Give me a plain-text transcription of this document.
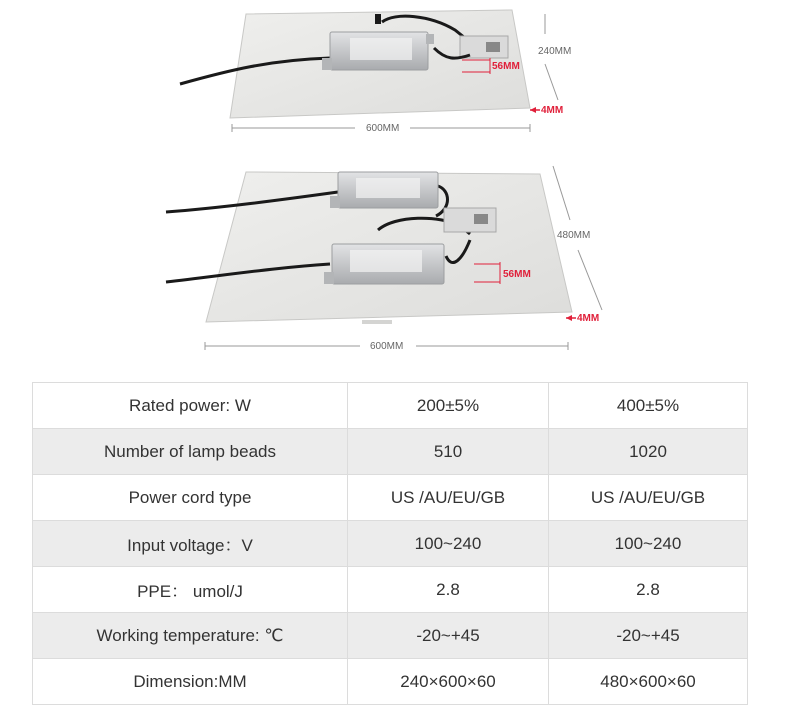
56MM
4MM
240MM
600MM
56MM
4MM
480MM
600MM
Rated power: W	200±5%	400±5%
Number of lamp beads	510	1020
Power cord type	US /AU/EU/GB	US /AU/EU/GB
Input voltage：V	100~240	100~240
PPE： umol/J	2.8	2.8
Working temperature: ℃	-20~+45	-20~+45
Dimension:MM	240×600×60	480×600×60
